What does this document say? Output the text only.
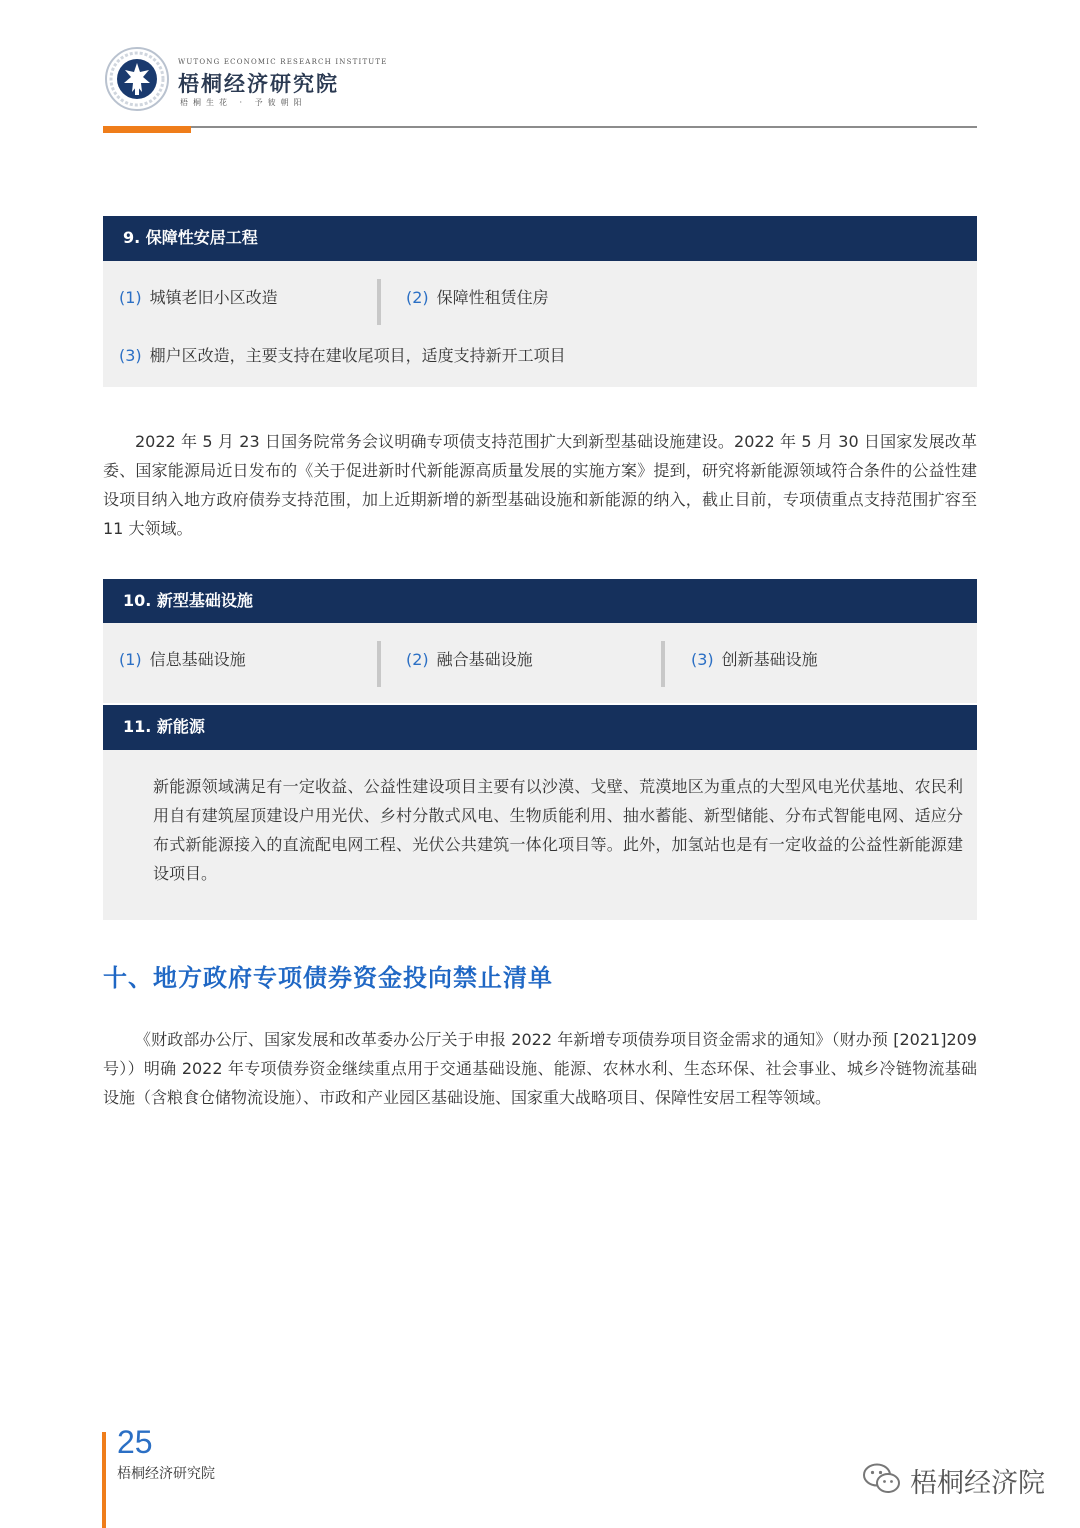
WUTONG ECONOMIC RESEARCH INSTITUTE
梧桐经济研究院
梧桐生花 · 予彼朝阳
9. 保障性安居工程
(1) 城镇老旧小区改造	(2) 保障性租赁住房
(3) 棚户区改造，主要支持在建收尾项目，适度支持新开工项目
2022 年 5 月 23 日国务院常务会议明确专项债支持范围扩大到新型基础设施建设。2022 年 5 月 30 日国家发展改革委、国家能源局近日发布的《关于促进新时代新能源高质量发展的实施方案》提到，研究将新能源领域符合条件的公益性建设项目纳入地方政府债券支持范围，加上近期新增的新型基础设施和新能源的纳入，截止目前，专项债重点支持范围扩容至 11 大领域。
10. 新型基础设施
(1) 信息基础设施	(2) 融合基础设施	(3) 创新基础设施
11. 新能源
新能源领域满足有一定收益、公益性建设项目主要有以沙漠、戈壁、荒漠地区为重点的大型风电光伏基地、农民利用自有建筑屋顶建设户用光伏、乡村分散式风电、生物质能利用、抽水蓄能、新型储能、分布式智能电网、适应分布式新能源接入的直流配电网工程、光伏公共建筑一体化项目等。此外，加氢站也是有一定收益的公益性新能源建设项目。
十、地方政府专项债券资金投向禁止清单
《财政部办公厅、国家发展和改革委办公厅关于申报 2022 年新增专项债券项目资金需求的通知》（财办预 [2021]209 号））明确 2022 年专项债券资金继续重点用于交通基础设施、能源、农林水利、生态环保、社会事业、城乡冷链物流基础设施（含粮食仓储物流设施）、市政和产业园区基础设施、国家重大战略项目、保障性安居工程等领域。
25
梧桐经济研究院	梧桐经济院
